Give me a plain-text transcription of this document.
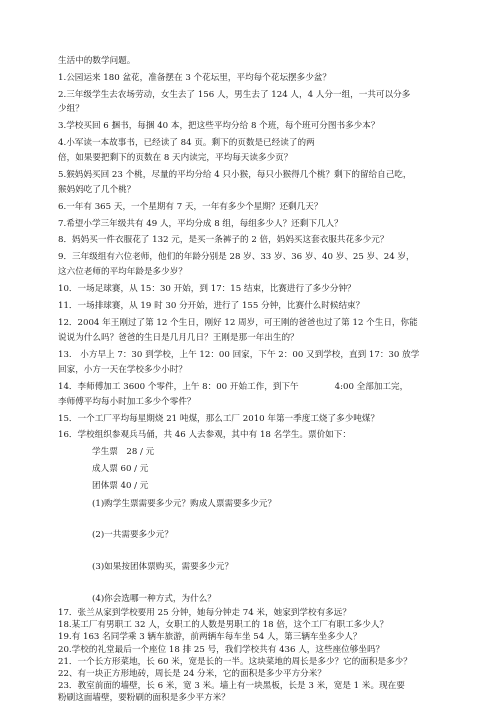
生活中的数学问题。
1.公园运来 180 盆花，准备摆在 3 个花坛里，平均每个花坛摆多少盆？
2.三年级学生去农场劳动，女生去了 156 人，男生去了 124 人，4 人分一组，一共可以分多
少组？
3.学校买回 6 捆书，每捆 40 本，把这些平均分给 8 个班，每个班可分图书多少本？
4.小军读一本故事书，已经读了 84 页。剩下的页数是已经读了的两
倍，如果要把剩下的页数在 8 天内读完，平均每天读多少页？
5.猴妈妈买回 23 个桃，尽量的平均分给 4 只小猴，每只小猴得几个桃？剩下的留给自己吃，
猴妈妈吃了几个桃？
6.一年有 365 天，一个星期有 7 天，一年有多少个星期？还剩几天？
7.希望小学三年级共有 49 人，平均分成 8 组，每组多少人？还剩下几人？
8．妈妈买一件衣服花了 132 元，是买一条裤子的 2 倍，妈妈买这套衣服共花多少元？
9．三年级组有六位老师，他们的年龄分别是 28 岁、33 岁、36 岁、40 岁、25 岁、24 岁，
这六位老师的平均年龄是多少岁？
10．一场足球赛，从 15：30 开始，到 17：15 结束，比赛进行了多少分钟？
11．一场排球赛，从 19 时 30 分开始，进行了 155 分钟，比赛什么时候结束？
12．2004 年王刚过了第 12 个生日，刚好 12 周岁，可王刚的爸爸也过了第 12 个生日，你能
说说为什么吗？爸爸的生日是几月几日？王刚是那一年出生的？
13.　小方早上 7：30 到学校，上午 12：00 回家，下午 2：00 又到学校，直到 17：30 放学
回家，小方一天在学校多少小时？
14．李师傅加工 3600 个零件，上午 8：00 开始工作，到下午	4:00 全部加工完，
李师傅平均每小时加工多少个零件？
15．一个工厂平均每星期烧 21 吨煤，那么工厂 2010 年第一季度工烧了多少吨煤？
16．学校组织参观兵马俑，共 46 人去参观，其中有 18 名学生。票价如下：
学生票　28 / 元
成人票 60 / 元
团体票 40 / 元
(1)购学生票需要多少元？购成人票需要多少元？
(2)一共需要多少元？
(3)如果按团体票购买，需要多少元？
(4)你会选哪一种方式，为什么？
17．张兰从家到学校要用 25 分钟，她每分钟走 74 米，她家到学校有多远？
18.某工厂有男职工 32 人，女职工的人数是男职工的 18 倍，这个工厂有职工多少人？
19.有 163 名同学乘 3 辆车旅游，前两辆车每车坐 54 人，第三辆车坐多少人？
20.学校的礼堂最后一个座位 18 排 25 号，我们学校共有 436 人，这些座位够坐吗？
21．一个长方形菜地，长 60 米，宽是长的一半。这块菜地的周长是多少？它的面积是多少？
22、有一块正方形地砖，周长是 24 分米，它的面积是多少平方分米？
23．教室前面的墙壁，长 6 米，宽 3 米。墙上有一块黑板，长是 3 米，宽是 1 米。现在要
粉刷这面墙壁，要粉刷的面积是多少平方米？
